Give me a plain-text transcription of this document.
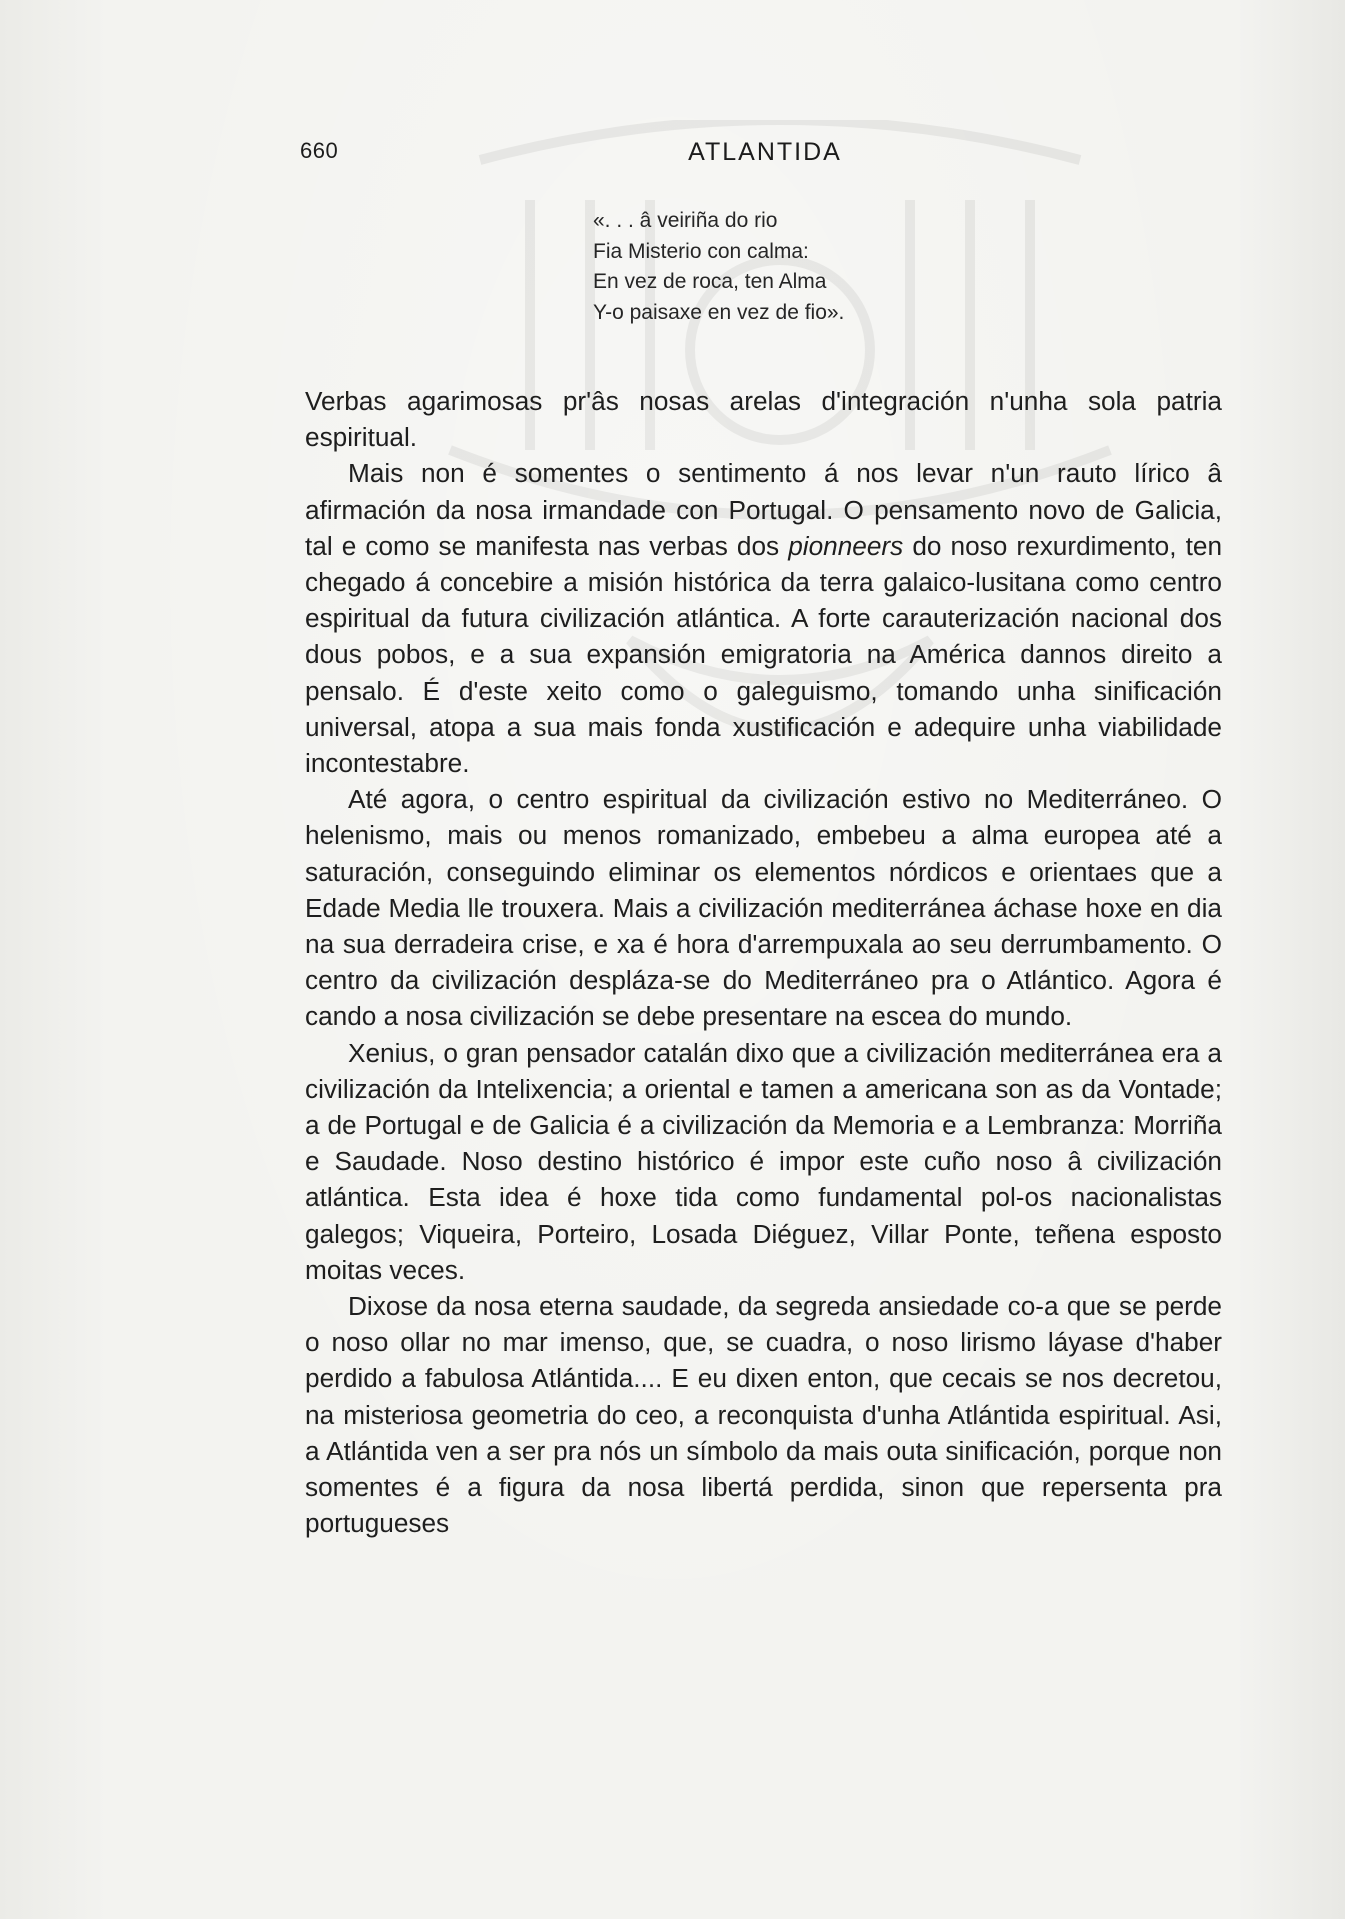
660	ATLANTIDA
«. . . â veiriña do rio
Fia Misterio con calma:
En vez de roca, ten Alma
Y-o paisaxe en vez de fio».

Verbas agarimosas pr'âs nosas arelas d'integración n'unha sola patria espiritual.

Mais non é somentes o sentimento á nos levar n'un rauto lírico â afirmación da nosa irmandade con Portugal. O pensamento novo de Galicia, tal e como se manifesta nas verbas dos pionneers do noso rexurdimento, ten chegado á concebire a misión histórica da terra galaico-lusitana como centro espiritual da futura civilización atlántica. A forte carauterización nacional dos dous pobos, e a sua expansión emigratoria na América dannos direito a pensalo. É d'este xeito como o galeguismo, tomando unha sinificación universal, atopa a sua mais fonda xustificación e adequire unha viabilidade incontestabre.

Até agora, o centro espiritual da civilización estivo no Mediterráneo. O helenismo, mais ou menos romanizado, embebeu a alma europea até a saturación, conseguindo eliminar os elementos nórdicos e orientaes que a Edade Media lle trouxera. Mais a civilización mediterránea áchase hoxe en dia na sua derradeira crise, e xa é hora d'arrempuxala ao seu derrumbamento. O centro da civilización despláza-se do Mediterráneo pra o Atlántico. Agora é cando a nosa civilización se debe presentare na escea do mundo.

Xenius, o gran pensador catalán dixo que a civilización mediterránea era a civilización da Intelixencia; a oriental e tamen a americana son as da Vontade; a de Portugal e de Galicia é a civilización da Memoria e a Lembranza: Morriña e Saudade. Noso destino histórico é impor este cuño noso â civilización atlántica. Esta idea é hoxe tida como fundamental pol-os nacionalistas galegos; Viqueira, Porteiro, Losada Diéguez, Villar Ponte, teñena esposto moitas veces.

Dixose da nosa eterna saudade, da segreda ansiedade co-a que se perde o noso ollar no mar imenso, que, se cuadra, o noso lirismo láyase d'haber perdido a fabulosa Atlántida.... E eu dixen enton, que cecais se nos decretou, na misteriosa geometria do ceo, a reconquista d'unha Atlántida espiritual. Asi, a Atlántida ven a ser pra nós un símbolo da mais outa sinificación, porque non somentes é a figura da nosa libertá perdida, sinon que repersenta pra portugueses
